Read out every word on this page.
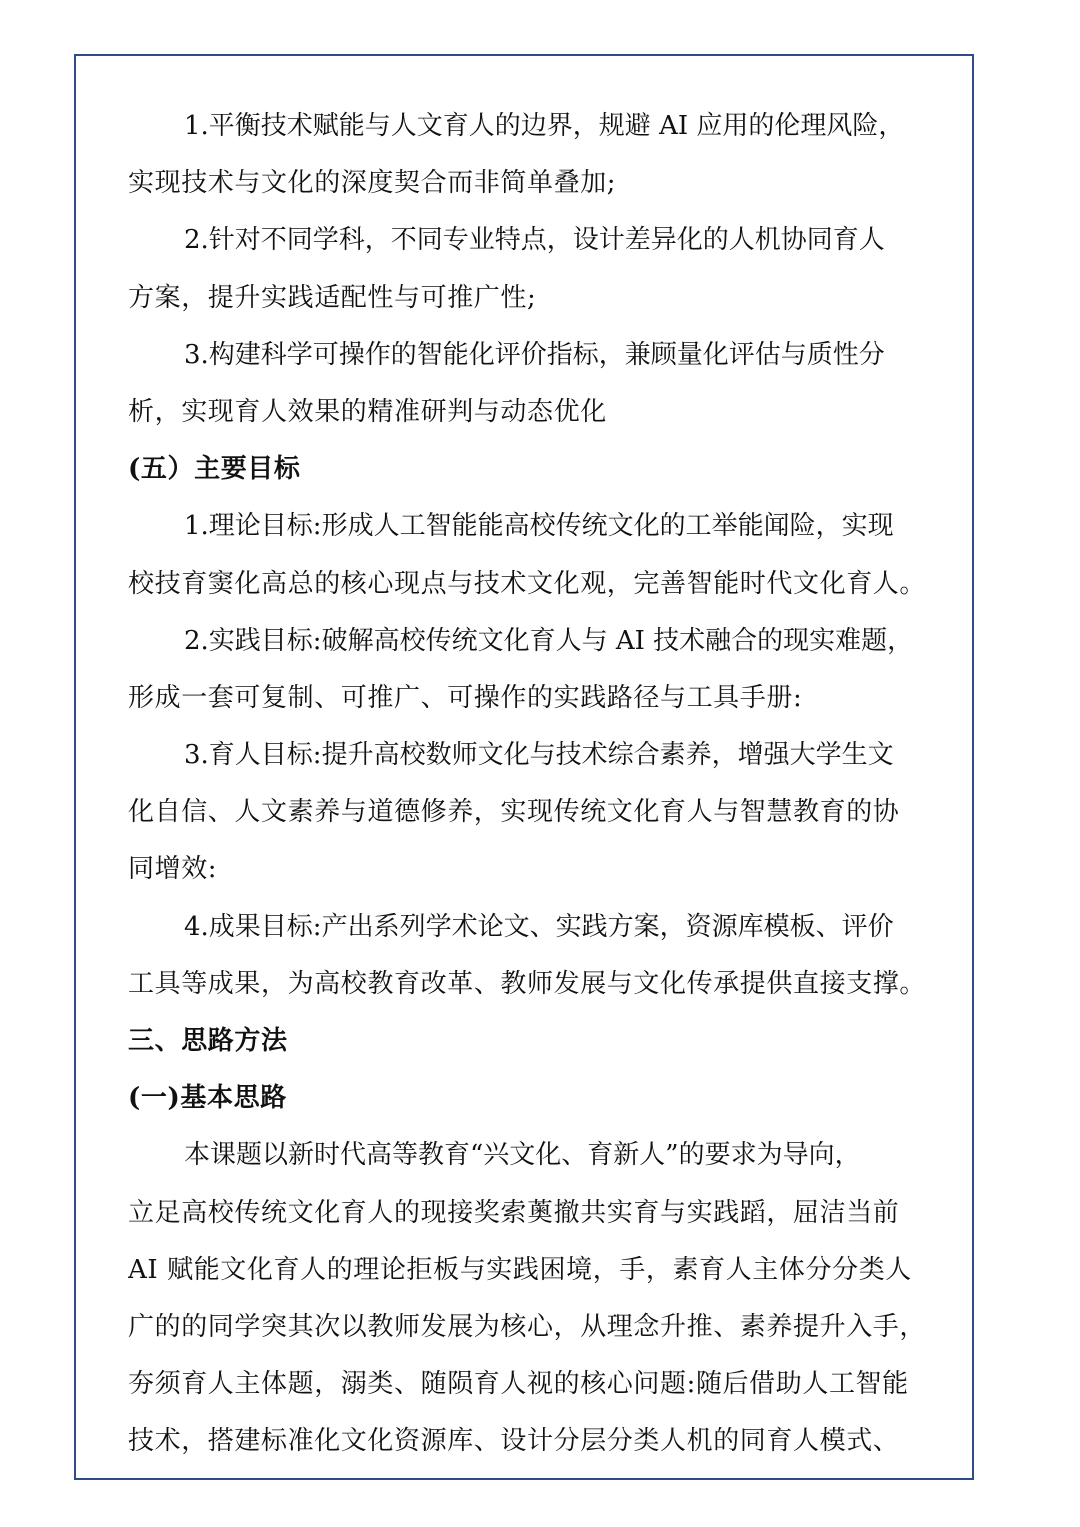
1.平衡技术赋能与人文育人的边界，规避 AI 应用的伦理风险，
实现技术与文化的深度契合而非简单叠加;
2.针对不同学科，不同专业特点，设计差异化的人机协同育人
方案，提升实践适配性与可推广性;
3.构建科学可操作的智能化评价指标，兼顾量化评估与质性分
析，实现育人效果的精准研判与动态优化
(五）主要目标
1.理论目标:形成人工智能能高校传统文化的工举能闻险，实现
校技育窦化高总的核心现点与技术文化观，完善智能时代文化育人。
2.实践目标:破解高校传统文化育人与 AI 技术融合的现实难题，
形成一套可复制、可推广、可操作的实践路径与工具手册:
3.育人目标:提升高校数师文化与技术综合素养，增强大学生文
化自信、人文素养与道德修养，实现传统文化育人与智慧教育的协
同增效:
4.成果目标:产出系列学术论文、实践方案，资源库模板、评价
工具等成果，为高校教育改革、教师发展与文化传承提供直接支撑。
三、思路方法
(一)基本思路
本课题以新时代高等教育“兴文化、育新人”的要求为导向，
立足高校传统文化育人的现接奖索薁撤共实育与实践蹈，屈洁当前
AI 赋能文化育人的理论拒板与实践困境，手，素育人主体分分类人
广的的同学突其次以教师发展为核心，从理念升推、素养提升入手，
夯须育人主体题，溺类、随陨育人视的核心问题:随后借助人工智能
技术，搭建标准化文化资源库、设计分层分类人机的同育人模式、
